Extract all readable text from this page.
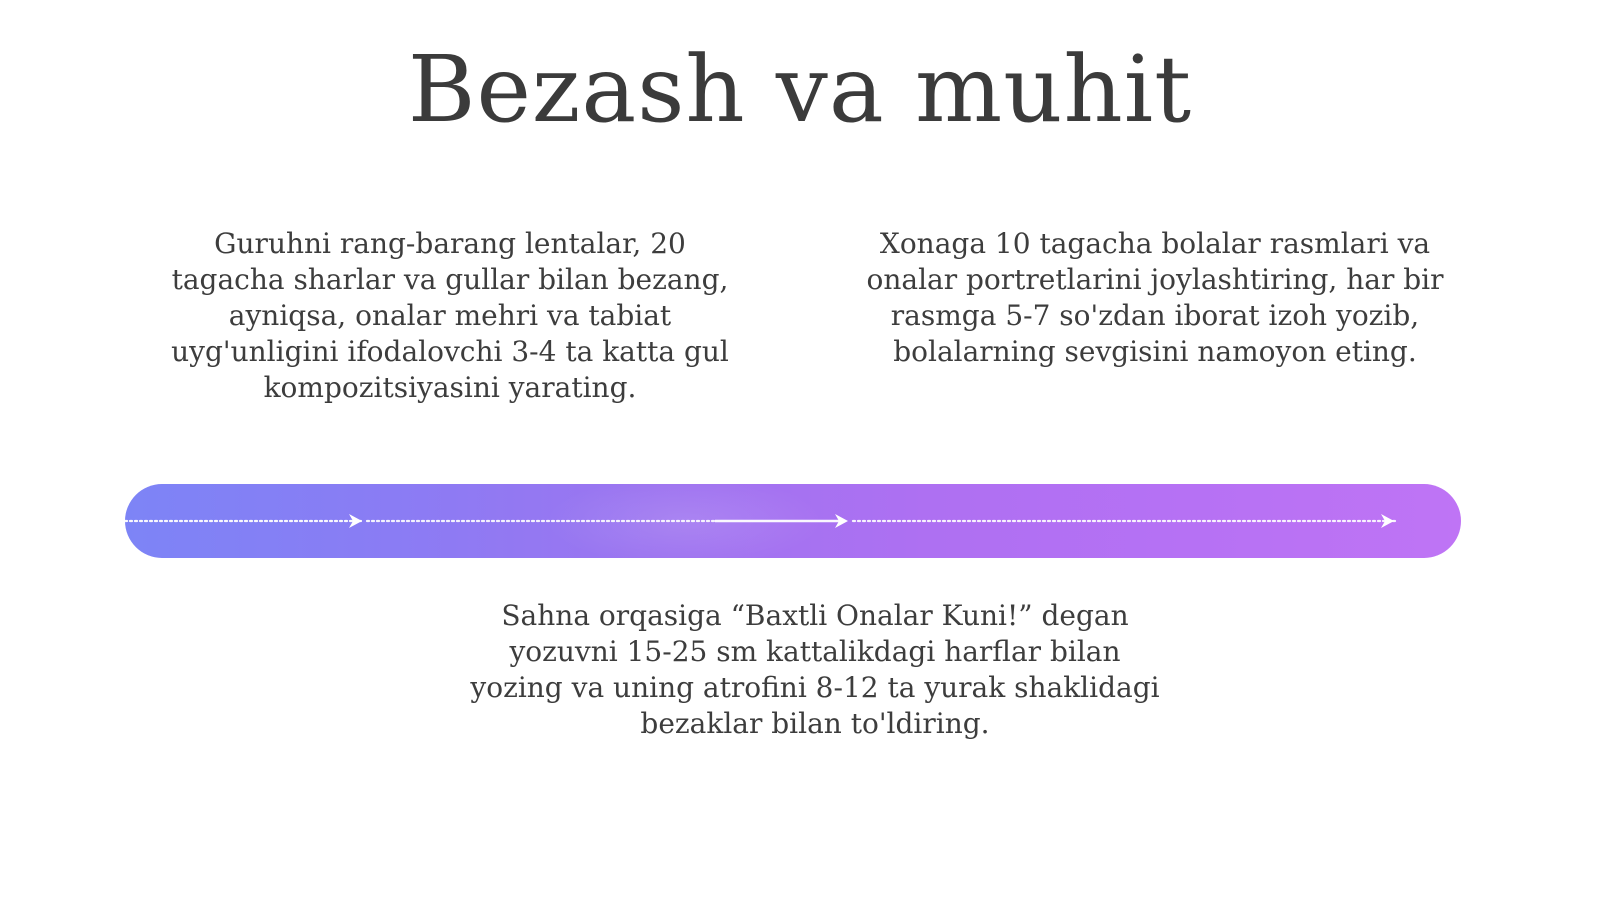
Bezash va muhit
Guruhni rang-barang lentalar, 20 tagacha sharlar va gullar bilan bezang, ayniqsa, onalar mehri va tabiat uyg'unligini ifodalovchi 3-4 ta katta gul kompozitsiyasini yarating.
Xonaga 10 tagacha bolalar rasmlari va onalar portretlarini joylashtiring, har bir rasmga 5-7 so'zdan iborat izoh yozib, bolalarning sevgisini namoyon eting.
Sahna orqasiga “Baxtli Onalar Kuni!” degan yozuvni 15-25 sm kattalikdagi harflar bilan yozing va uning atrofini 8-12 ta yurak shaklidagi bezaklar bilan to'ldiring.
